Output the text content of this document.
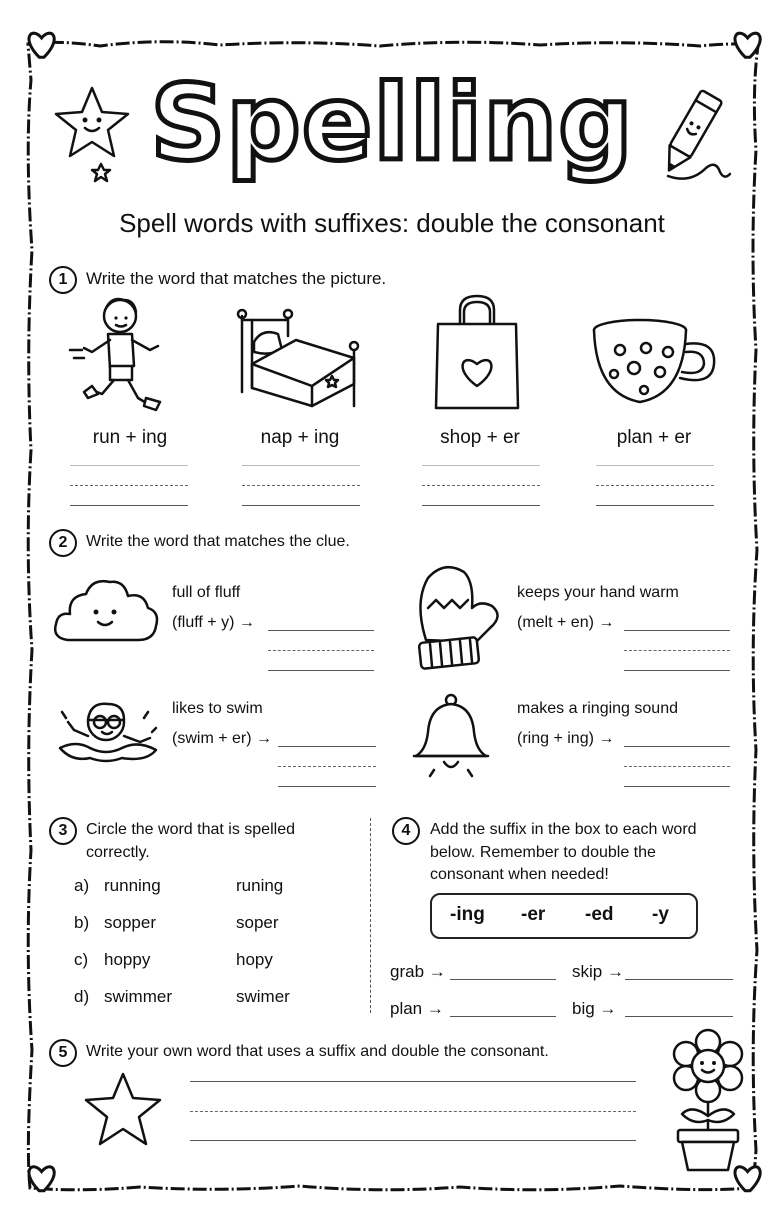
Spelling
Spell words with suffixes: double the consonant
1	Write the word that matches the picture.
run + ing	nap + ing	shop + er	plan + er
2	Write the word that matches the clue.
full of fluff
(fluff + y) →
keeps your hand warm
(melt + en) →
likes to swim
(swim + er) →
makes a ringing sound
(ring + ing) →
3	Circle the word that is spelled
correctly.
a) running	runing
b) sopper	soper
c) hoppy	hopy
d) swimmer	swimer
4	Add the suffix in the box to each word
below. Remember to double the
consonant when needed!
-ing -er -ed -y
grab →	skip →
plan →	big →
5	Write your own word that uses a suffix and double the consonant.
